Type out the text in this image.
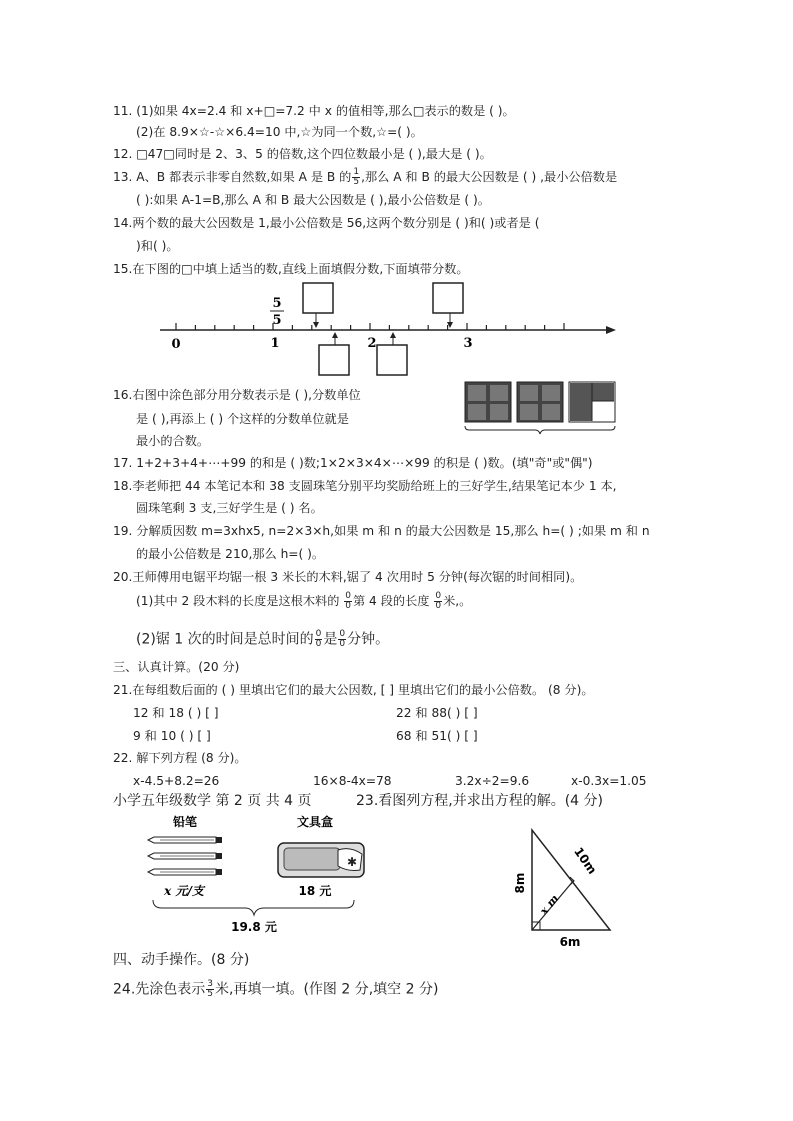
11. (1)如果 4x=2.4 和 x+□=7.2 中 x 的值相等,那么□表示的数是 ( )。
(2)在 8.9×☆-☆×6.4=10 中,☆为同一个数,☆=( )。
12. □47□同时是 2、3、5 的倍数,这个四位数最小是 ( ),最大是 ( )。
13. A、B 都表示非零自然数,如果 A 是 B 的 $\frac{1}{5}$ ,那么 A 和 B 的最大公因数是 ( ) ,最小公倍数是
( ):如果 A-1=B,那么 A 和 B 最大公因数是 ( ),最小公倍数是 ( )。
14.两个数的最大公因数是 1,最小公倍数是 56,这两个数分别是 ( )和( )或者是 (
)和( )。
15.在下图的□中填上适当的数,直线上面填假分数,下面填带分数。
5
5
0	1	2	3
16.右图中涂色部分用分数表示是 ( ),分数单位
是 ( ),再添上 ( ) 个这样的分数单位就是
最小的合数。
17. 1+2+3+4+⋯+99 的和是 ( )数;1×2×3×4×⋯×99 的积是 ( )数。(填"奇"或"偶")
18.李老师把 44 本笔记本和 38 支圆珠笔分别平均奖励给班上的三好学生,结果笔记本少 1 本,
圆珠笔剩 3 支,三好学生是 ( ) 名。
19. 分解质因数 m=3xhx5, n=2×3×h,如果 m 和 n 的最大公因数是 15,那么 h=( ) ;如果 m 和 n
的最小公倍数是 210,那么 h=( )。
20.王师傅用电锯平均锯一根 3 米长的木料,锯了 4 次用时 5 分钟(每次锯的时间相同)。
(1)其中 2 段木料的长度是这根木料的 $\frac{0}{0}$ 第 4 段的长度 $\frac{0}{0}$ 米,。
(2)锯 1 次的时间是总时间的 $\frac{0}{0}$ 是 $\frac{0}{0}$ 分钟。
三、认真计算。(20 分)
21.在每组数后面的 ( ) 里填出它们的最大公因数, [ ] 里填出它们的最小公倍数。 (8 分)。
12 和 18 ( ) [ ]	22 和 88( ) [ ]
9 和 10 ( ) [ ]	68 和 51( ) [ ]
22. 解下列方程 (8 分)。
x-4.5+8.2=26	16×8-4x=78	3.2x÷2=9.6	x-0.3x=1.05
小学五年级数学 第 2 页 共 4 页	23.看图列方程,并求出方程的解。(4 分)
铅笔	文具盒
✱
x 元/支	18 元
19.8 元
8m
10m
x m
6m
四、动手操作。(8 分)
24.先涂色表示 $\frac{3}{5}$ 米,再填一填。(作图 2 分,填空 2 分)
